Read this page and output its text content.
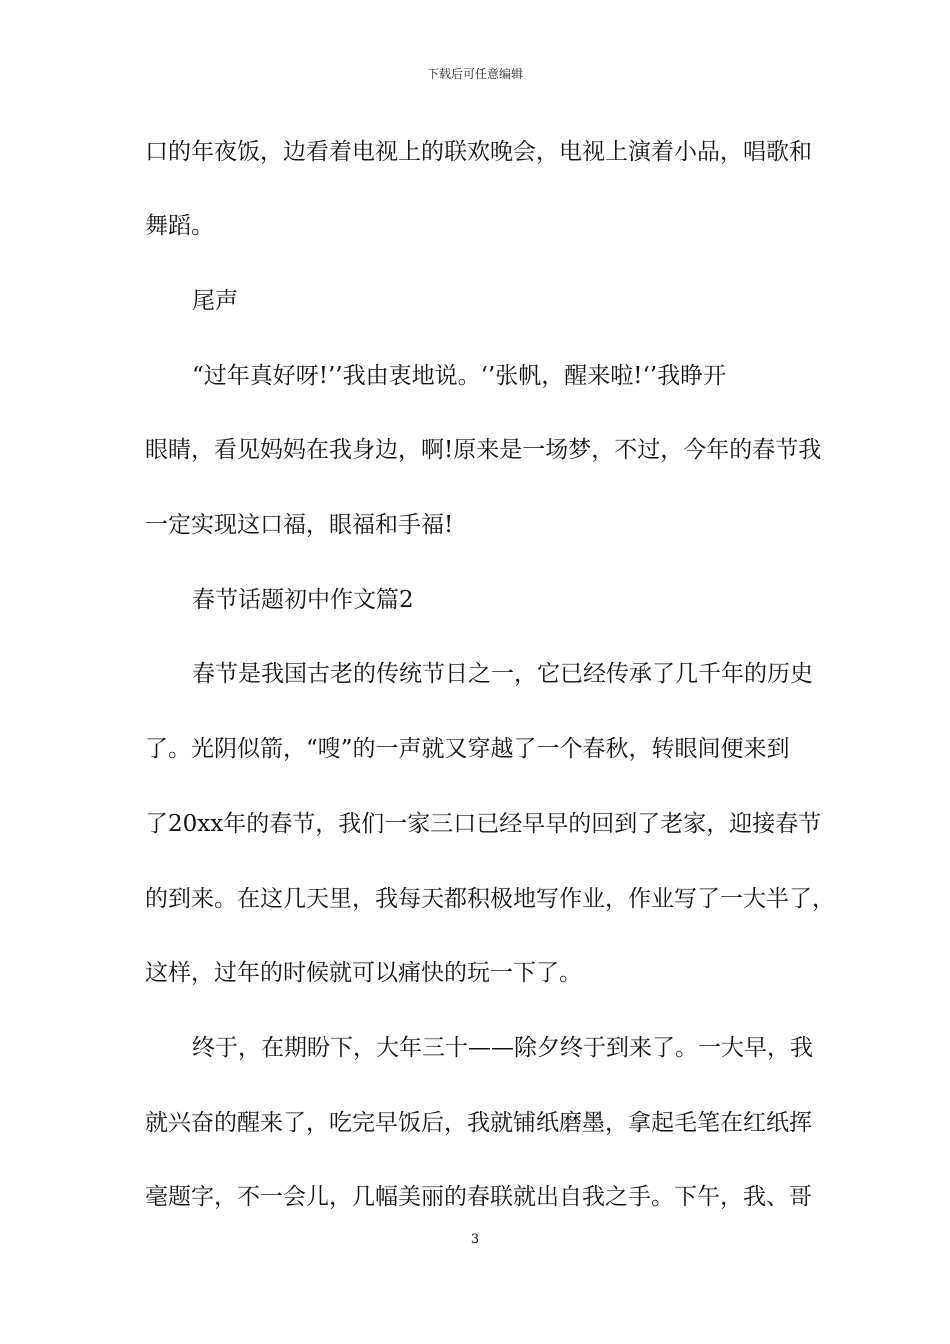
下载后可任意编辑
口的年夜饭，边看着电视上的联欢晚会，电视上演着小品，唱歌和
舞蹈。
尾声
“过年真好呀!’’我由衷地说。‘’张帆，醒来啦!‘’我睁开
眼睛，看见妈妈在我身边，啊!原来是一场梦，不过，今年的春节我
一定实现这口福，眼福和手福!
春节话题初中作文篇2
春节是我国古老的传统节日之一，它已经传承了几千年的历史
了。光阴似箭，“嗖”的一声就又穿越了一个春秋，转眼间便来到
了20xx年的春节，我们一家三口已经早早的回到了老家，迎接春节
的到来。在这几天里，我每天都积极地写作业，作业写了一大半了，
这样，过年的时候就可以痛快的玩一下了。
终于，在期盼下，大年三十——除夕终于到来了。一大早，我
就兴奋的醒来了，吃完早饭后，我就铺纸磨墨，拿起毛笔在红纸挥
毫题字，不一会儿，几幅美丽的春联就出自我之手。下午，我、哥
3
